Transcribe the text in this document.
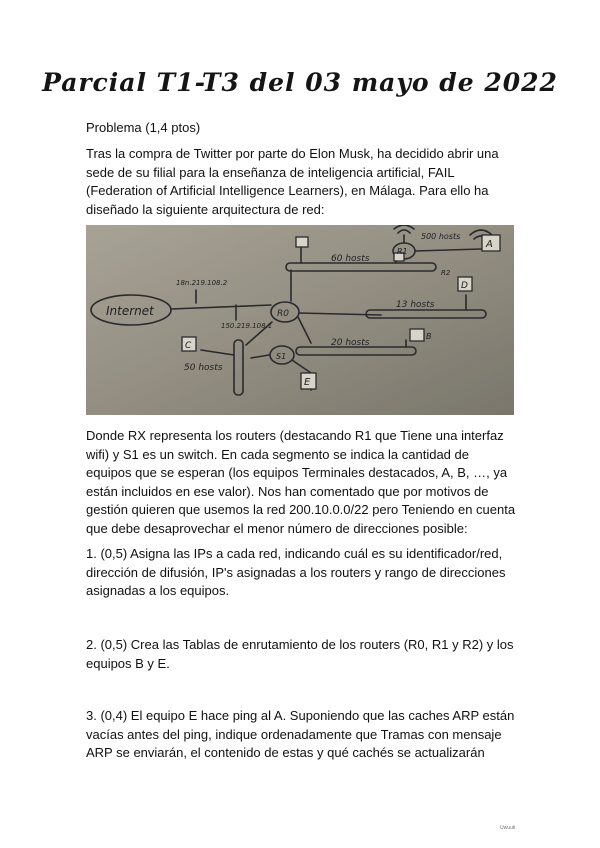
Parcial T1-T3 del 03 mayo de 2022
Problema (1,4 ptos)

Tras la compra de Twitter por parte do Elon Musk, ha decidido abrir una sede de su filial para la enseñanza de inteligencia artificial, FAIL (Federation of Artificial Intelligence Learners), en Málaga. Para ello ha diseñado la siguiente arquitectura de red:

Internet	R0
R1
S1
18n.219.108.2
150.219.108.1
60 hosts
13 hosts
20 hosts
50 hosts
500 hosts
A
B
C
D
E
R2

Donde RX representa los routers (destacando R1 que Tiene una interfaz wifi) y S1 es un switch. En cada segmento se indica la cantidad de equipos que se esperan (los equipos Terminales destacados, A, B, …, ya están incluidos en ese valor). Nos han comentado que por motivos de gestión quieren que usemos la red 200.10.0.0/22 pero Teniendo en cuenta que debe desaprovechar el menor número de direcciones posible:

1. (0,5) Asigna las IPs a cada red, indicando cuál es su identificador/red, dirección de difusión, IP's asignadas a los routers y rango de direcciones asignadas a los equipos.

2. (0,5) Crea las Tablas de enrutamiento de los routers (R0, R1 y R2) y los equipos B y E.

3. (0,4) El equipo E hace ping al A. Suponiendo que las caches ARP están vacías antes del ping, indique ordenadamente que Tramas con mensaje ARP se enviarán, el contenido de estas y qué cachés se actualizarán

Uwuuti
